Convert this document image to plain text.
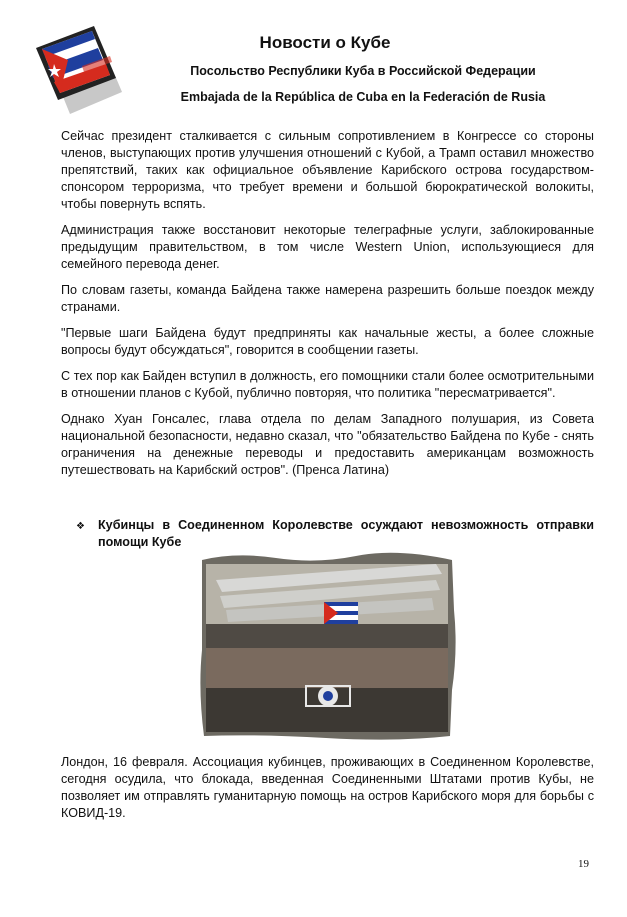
Новости о Кубе
Посольство Республики Куба в Российской Федерации
Embajada de la República de Cuba en la Federación de Rusia

Сейчас президент сталкивается с сильным сопротивлением в Конгрессе со стороны членов, выступающих против улучшения отношений с Кубой, а Трамп оставил множество препятствий, таких как официальное объявление Карибского острова государством-спонсором терроризма, что требует времени и большой бюрократической волокиты, чтобы повернуть вспять.

Администрация также восстановит некоторые телеграфные услуги, заблокированные предыдущим правительством, в том числе Western Union, использующиеся для семейного перевода денег.

По словам газеты, команда Байдена также намерена разрешить больше поездок между странами.

"Первые шаги Байдена будут предприняты как начальные жесты, а более сложные вопросы будут обсуждаться", говорится в сообщении газеты.

С тех пор как Байден вступил в должность, его помощники стали более осмотрительными в отношении планов с Кубой, публично повторяя, что политика "пересматривается".

Однако Хуан Гонсалес, глава отдела по делам Западного полушария, из Совета национальной безопасности, недавно сказал, что "обязательство Байдена по Кубе - снять ограничения на денежные переводы и предоставить американцам возможность путешествовать на Карибский остров". (Пренса Латина)

❖ Кубинцы в Соединенном Королевстве осуждают невозможность отправки помощи Кубе

Лондон, 16 февраля. Ассоциация кубинцев, проживающих в Соединенном Королевстве, сегодня осудила, что блокада, введенная Соединенными Штатами против Кубы, не позволяет им отправлять гуманитарную помощь на остров Карибского моря для борьбы с КОВИД-19.

19
